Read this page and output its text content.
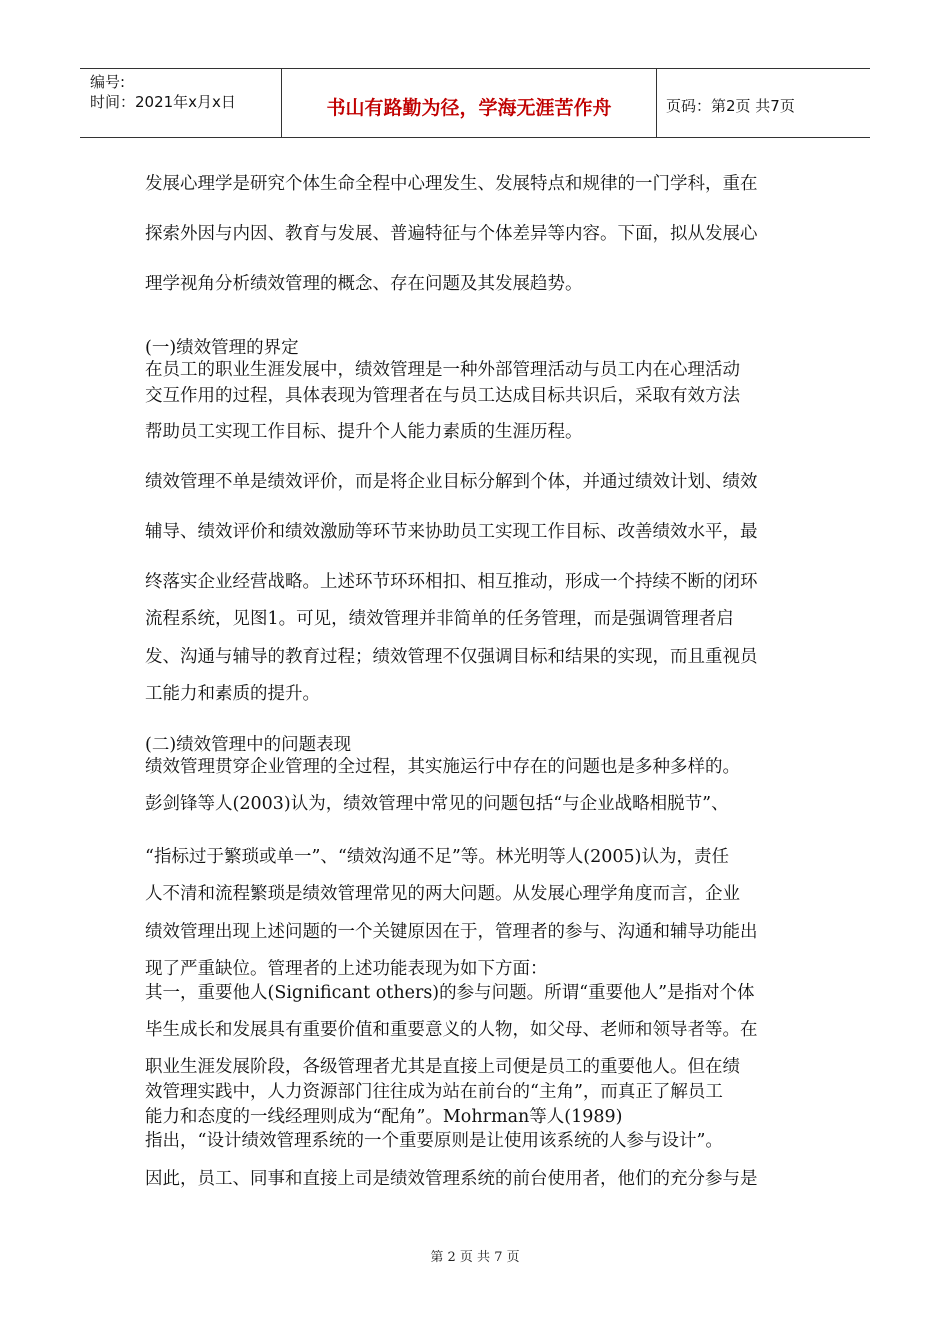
编号:
时间：2021年x月x日	书山有路勤为径，学海无涯苦作舟	页码：第2页 共7页
发展心理学是研究个体生命全程中心理发生、发展特点和规律的一门学科，重在
探索外因与内因、教育与发展、普遍特征与个体差异等内容。下面，拟从发展心
理学视角分析绩效管理的概念、存在问题及其发展趋势。
(一)绩效管理的界定
在员工的职业生涯发展中，绩效管理是一种外部管理活动与员工内在心理活动
交互作用的过程，具体表现为管理者在与员工达成目标共识后，采取有效方法
帮助员工实现工作目标、提升个人能力素质的生涯历程。
绩效管理不单是绩效评价，而是将企业目标分解到个体，并通过绩效计划、绩效
辅导、绩效评价和绩效激励等环节来协助员工实现工作目标、改善绩效水平，最
终落实企业经营战略。上述环节环环相扣、相互推动，形成一个持续不断的闭环
流程系统，见图1。可见，绩效管理并非简单的任务管理，而是强调管理者启
发、沟通与辅导的教育过程；绩效管理不仅强调目标和结果的实现，而且重视员
工能力和素质的提升。
(二)绩效管理中的问题表现
绩效管理贯穿企业管理的全过程，其实施运行中存在的问题也是多种多样的。
彭剑锋等人(2003)认为，绩效管理中常见的问题包括“与企业战略相脱节”、
“指标过于繁琐或单一”、“绩效沟通不足”等。林光明等人(2005)认为，责任
人不清和流程繁琐是绩效管理常见的两大问题。从发展心理学角度而言，企业
绩效管理出现上述问题的一个关键原因在于，管理者的参与、沟通和辅导功能出
现了严重缺位。管理者的上述功能表现为如下方面：
其一，重要他人(Significant others)的参与问题。所谓“重要他人”是指对个体
毕生成长和发展具有重要价值和重要意义的人物，如父母、老师和领导者等。在
职业生涯发展阶段，各级管理者尤其是直接上司便是员工的重要他人。但在绩
效管理实践中，人力资源部门往往成为站在前台的“主角”，而真正了解员工
能力和态度的一线经理则成为“配角”。Mohrman等人(1989)
指出，“设计绩效管理系统的一个重要原则是让使用该系统的人参与设计”。
因此，员工、同事和直接上司是绩效管理系统的前台使用者，他们的充分参与是
第 2 页 共 7 页
